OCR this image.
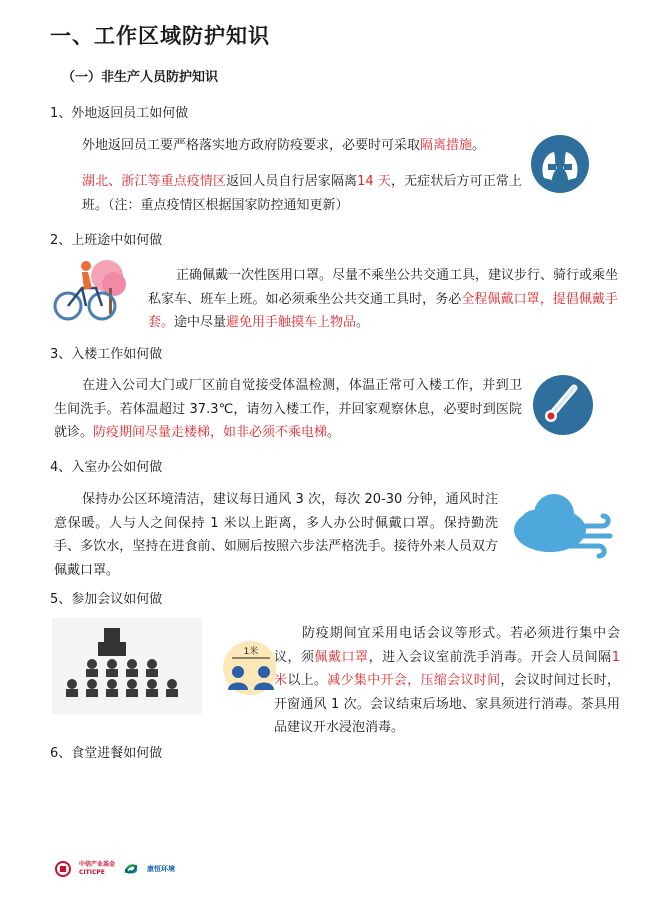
一、工作区域防护知识
（一）非生产人员防护知识
1、外地返回员工如何做
外地返回员工要严格落实地方政府防疫要求，必要时可采取隔离措施。
湖北、浙江等重点疫情区返回人员自行居家隔离14 天，无症状后方可正常上班。（注：重点疫情区根据国家防控通知更新）
2、上班途中如何做
正确佩戴一次性医用口罩。尽量不乘坐公共交通工具，建议步行、骑行或乘坐私家车、班车上班。如必须乘坐公共交通工具时，务必全程佩戴口罩，提倡佩戴手套。途中尽量避免用手触摸车上物品。
3、入楼工作如何做
在进入公司大门或厂区前自觉接受体温检测，体温正常可入楼工作，并到卫生间洗手。若体温超过 37.3℃，请勿入楼工作，并回家观察休息，必要时到医院就诊。防疫期间尽量走楼梯，如非必须不乘电梯。
4、入室办公如何做
保持办公区环境清洁，建议每日通风 3 次，每次 20-30 分钟，通风时注意保暖。人与人之间保持 1 米以上距离，多人办公时佩戴口罩。保持勤洗手、多饮水，坚持在进食前、如厕后按照六步法严格洗手。接待外来人员双方佩戴口罩。
5、参加会议如何做
1米
防疫期间宜采用电话会议等形式。若必须进行集中会议，须佩戴口罩，进入会议室前洗手消毒。开会人员间隔1 米以上。减少集中开会，压缩会议时间，会议时间过长时，开窗通风 1 次。会议结束后场地、家具须进行消毒。茶具用品建议开水浸泡消毒。
6、食堂进餐如何做
中信产业基金
CITICPE	康恒环境
